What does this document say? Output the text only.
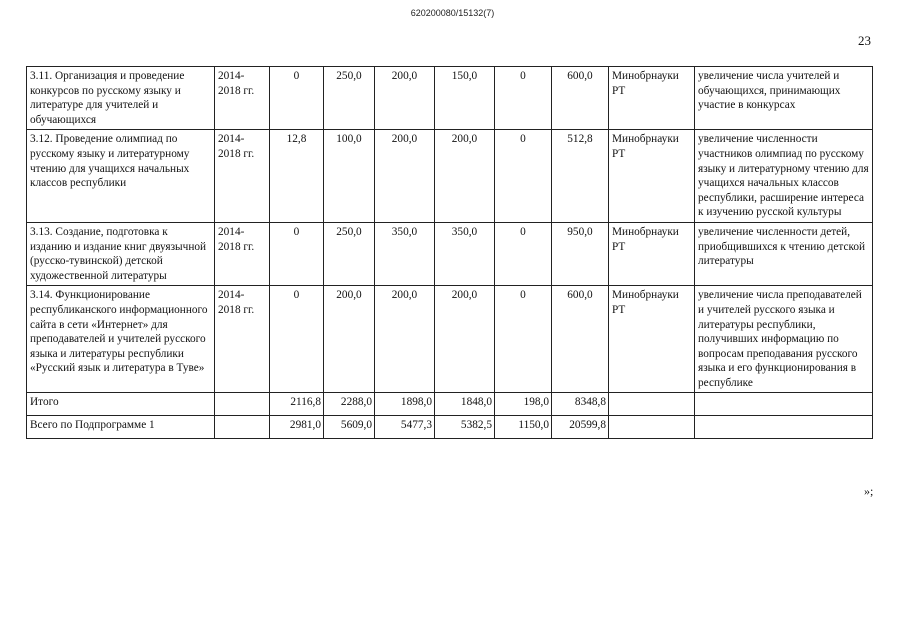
620200080/15132(7)
23
3.11. Организация и проведение конкурсов по русскому языку и литературе для учителей и обучающихся	2014-2018 гг.	0	250,0	200,0	150,0	0	600,0	Минобрнауки РТ	увеличение числа учителей и обучающихся, принимающих участие в конкурсах
3.12. Проведение олимпиад по русскому языку и литературному чтению для учащихся начальных классов республики	2014-2018 гг.	12,8	100,0	200,0	200,0	0	512,8	Минобрнауки РТ	увеличение численности участников олимпиад по русскому языку и литературному чтению для учащихся начальных классов республики, расширение интереса к изучению русской культуры
3.13. Создание, подготовка к изданию и издание книг двуязычной (русско-тувинской) детской художественной литературы	2014-2018 гг.	0	250,0	350,0	350,0	0	950,0	Минобрнауки РТ	увеличение численности детей, приобщившихся к чтению детской литературы
3.14. Функционирование республиканского информационного сайта в сети «Интернет» для преподавателей и учителей русского языка и литературы республики «Русский язык и литература в Туве»	2014-2018 гг.	0	200,0	200,0	200,0	0	600,0	Минобрнауки РТ	увеличение числа преподавателей и учителей русского языка и литературы республики, получивших информацию по вопросам преподавания русского языка и его функционирования в республике
Итого		2116,8	2288,0	1898,0	1848,0	198,0	8348,8		
Всего по Подпрограмме 1		2981,0	5609,0	5477,3	5382,5	1150,0	20599,8		
»;
